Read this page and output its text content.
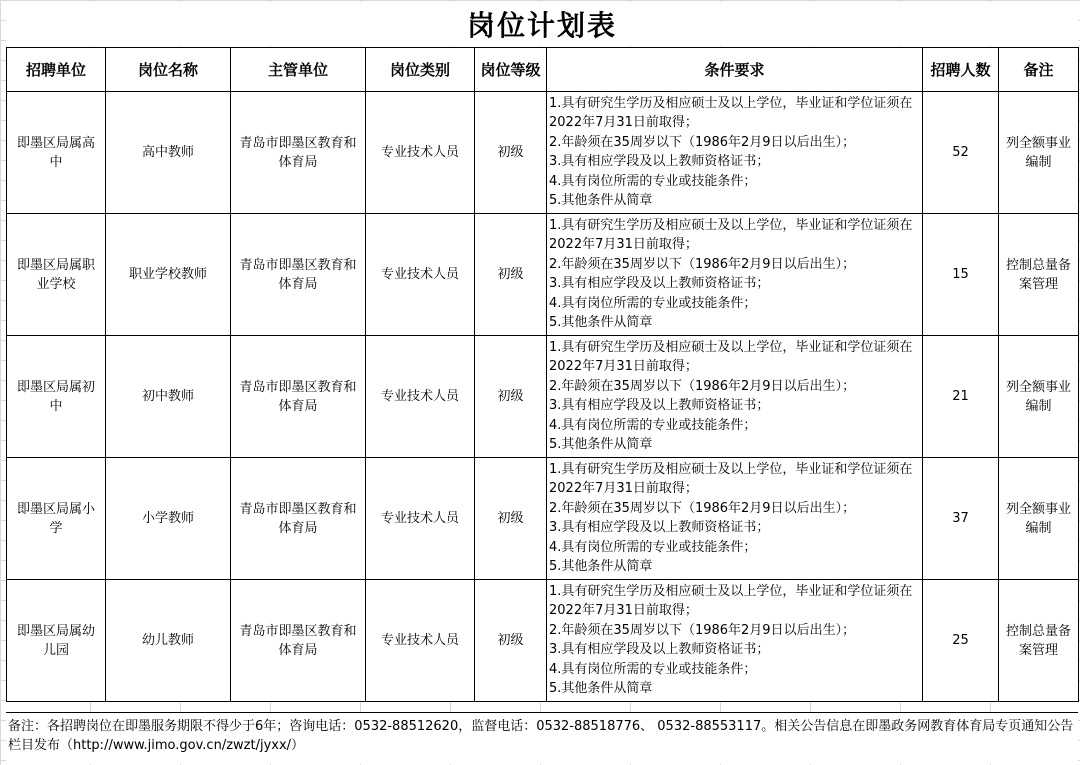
岗位计划表
招聘单位	岗位名称	主管单位	岗位类别	岗位等级	条件要求	招聘人数	备注
即墨区局属高中	高中教师	青岛市即墨区教育和体育局	专业技术人员	初级	1.具有研究生学历及相应硕士及以上学位，毕业证和学位证须在2022年7月31日前取得；
2.年龄须在35周岁以下（1986年2月9日以后出生）；
3.具有相应学段及以上教师资格证书；
4.具有岗位所需的专业或技能条件；
5.其他条件从简章	52	列全额事业编制
即墨区局属职业学校	职业学校教师	青岛市即墨区教育和体育局	专业技术人员	初级	1.具有研究生学历及相应硕士及以上学位，毕业证和学位证须在2022年7月31日前取得；
2.年龄须在35周岁以下（1986年2月9日以后出生）；
3.具有相应学段及以上教师资格证书；
4.具有岗位所需的专业或技能条件；
5.其他条件从简章	15	控制总量备案管理
即墨区局属初中	初中教师	青岛市即墨区教育和体育局	专业技术人员	初级	1.具有研究生学历及相应硕士及以上学位，毕业证和学位证须在2022年7月31日前取得；
2.年龄须在35周岁以下（1986年2月9日以后出生）；
3.具有相应学段及以上教师资格证书；
4.具有岗位所需的专业或技能条件；
5.其他条件从简章	21	列全额事业编制
即墨区局属小学	小学教师	青岛市即墨区教育和体育局	专业技术人员	初级	1.具有研究生学历及相应硕士及以上学位，毕业证和学位证须在2022年7月31日前取得；
2.年龄须在35周岁以下（1986年2月9日以后出生）；
3.具有相应学段及以上教师资格证书；
4.具有岗位所需的专业或技能条件；
5.其他条件从简章	37	列全额事业编制
即墨区局属幼儿园	幼儿教师	青岛市即墨区教育和体育局	专业技术人员	初级	1.具有研究生学历及相应硕士及以上学位，毕业证和学位证须在2022年7月31日前取得；
2.年龄须在35周岁以下（1986年2月9日以后出生）；
3.具有相应学段及以上教师资格证书；
4.具有岗位所需的专业或技能条件；
5.其他条件从简章	25	控制总量备案管理
备注：各招聘岗位在即墨服务期限不得少于6年；咨询电话：0532-88512620，监督电话：0532-88518776、 0532-88553117。相关公告信息在即墨政务网教育体育局专页通知公告栏目发布（http://www.jimo.gov.cn/zwzt/jyxx/）
